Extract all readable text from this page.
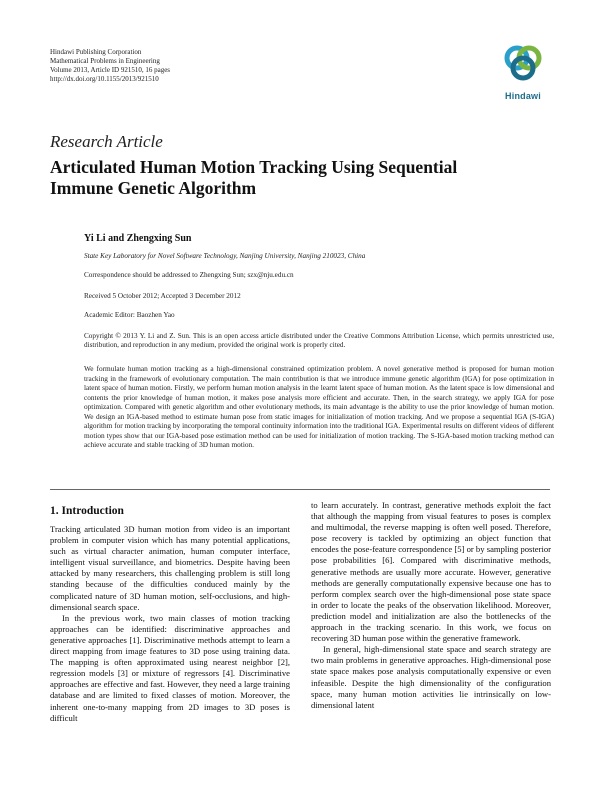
Hindawi Publishing Corporation
Mathematical Problems in Engineering
Volume 2013, Article ID 921510, 16 pages
http://dx.doi.org/10.1155/2013/921510
Hindawi
Research Article
Articulated Human Motion Tracking Using Sequential Immune Genetic Algorithm
Yi Li and Zhengxing Sun
State Key Laboratory for Novel Software Technology, Nanjing University, Nanjing 210023, China
Correspondence should be addressed to Zhengxing Sun; szx@nju.edu.cn
Received 5 October 2012; Accepted 3 December 2012
Academic Editor: Baozhen Yao
Copyright © 2013 Y. Li and Z. Sun. This is an open access article distributed under the Creative Commons Attribution License, which permits unrestricted use, distribution, and reproduction in any medium, provided the original work is properly cited.
We formulate human motion tracking as a high-dimensional constrained optimization problem. A novel generative method is proposed for human motion tracking in the framework of evolutionary computation. The main contribution is that we introduce immune genetic algorithm (IGA) for pose optimization in latent space of human motion. Firstly, we perform human motion analysis in the learnt latent space of human motion. As the latent space is low dimensional and contents the prior knowledge of human motion, it makes pose analysis more efficient and accurate. Then, in the search strategy, we apply IGA for pose optimization. Compared with genetic algorithm and other evolutionary methods, its main advantage is the ability to use the prior knowledge of human motion. We design an IGA-based method to estimate human pose from static images for initialization of motion tracking. And we propose a sequential IGA (S-IGA) algorithm for motion tracking by incorporating the temporal continuity information into the traditional IGA. Experimental results on different videos of different motion types show that our IGA-based pose estimation method can be used for initialization of motion tracking. The S-IGA-based motion tracking method can achieve accurate and stable tracking of 3D human motion.
1. Introduction

Tracking articulated 3D human motion from video is an important problem in computer vision which has many potential applications, such as virtual character animation, human computer interface, intelligent visual surveillance, and biometrics. Despite having been attacked by many researchers, this challenging problem is still long standing because of the difficulties conduced mainly by the complicated nature of 3D human motion, self-occlusions, and high-dimensional search space.

In the previous work, two main classes of motion tracking approaches can be identified: discriminative approaches and generative approaches [1]. Discriminative methods attempt to learn a direct mapping from image features to 3D pose using training data. The mapping is often approximated using nearest neighbor [2], regression models [3] or mixture of regressors [4]. Discriminative approaches are effective and fast. However, they need a large training database and are limited to fixed classes of motion. Moreover, the inherent one-to-many mapping from 2D images to 3D poses is difficult

to learn accurately. In contrast, generative methods exploit the fact that although the mapping from visual features to poses is complex and multimodal, the reverse mapping is often well posed. Therefore, pose recovery is tackled by optimizing an object function that encodes the pose-feature correspondence [5] or by sampling posterior pose probabilities [6]. Compared with discriminative methods, generative methods are usually more accurate. However, generative methods are generally computationally expensive because one has to perform complex search over the high-dimensional pose state space in order to locate the peaks of the observation likelihood. Moreover, prediction model and initialization are also the bottlenecks of the approach in the tracking scenario. In this work, we focus on recovering 3D human pose within the generative framework.

In general, high-dimensional state space and search strategy are two main problems in generative approaches. High-dimensional pose state space makes pose analysis computationally expensive or even infeasible. Despite the high dimensionality of the configuration space, many human motion activities lie intrinsically on low-dimensional latent
